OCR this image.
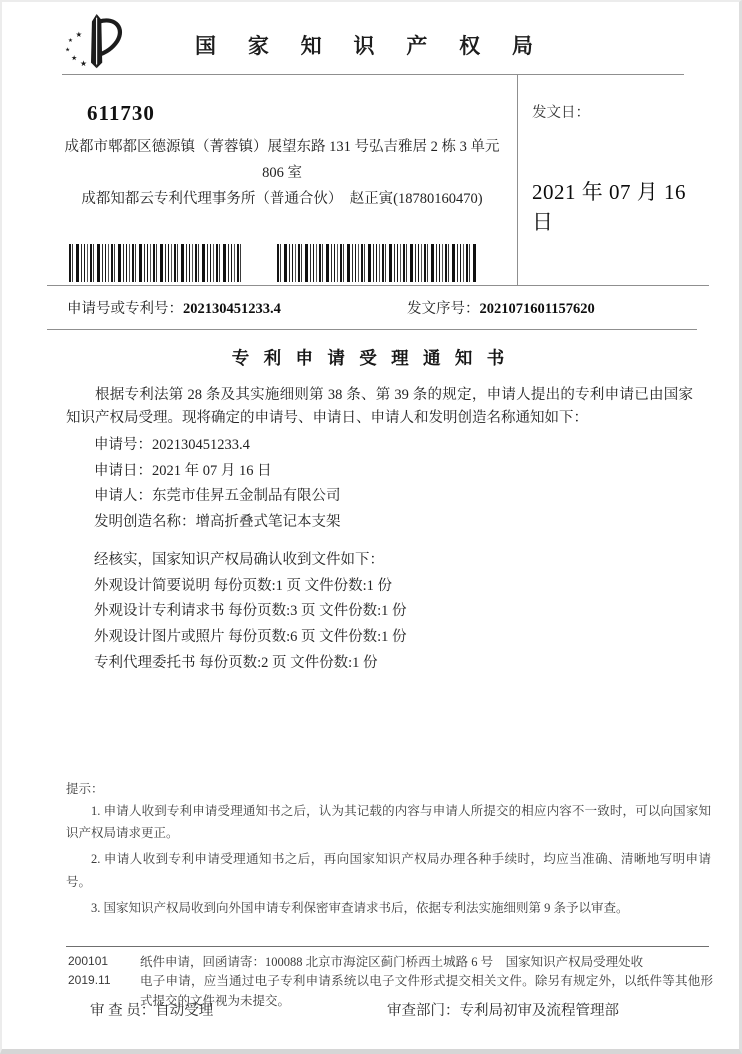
国 家 知 识 产 权 局
611730
成都市郫都区德源镇（菁蓉镇）展望东路 131 号弘吉雅居 2 栋 3 单元
806 室
成都知都云专利代理事务所（普通合伙）　赵正寅(18780160470)
发文日：
2021 年 07 月 16 日
申请号或专利号：202130451233.4	发文序号：2021071601157620
专 利 申 请 受 理 通 知 书

根据专利法第 28 条及其实施细则第 38 条、第 39 条的规定，申请人提出的专利申请已由国家知识产权局受理。现将确定的申请号、申请日、申请人和发明创造名称通知如下：

申请号：202130451233.4
申请日：2021 年 07 月 16 日
申请人：东莞市佳昇五金制品有限公司
发明创造名称：增高折叠式笔记本支架
经核实，国家知识产权局确认收到文件如下：
外观设计简要说明 每份页数:1 页 文件份数:1 份
外观设计专利请求书 每份页数:3 页 文件份数:1 份
外观设计图片或照片 每份页数:6 页 文件份数:1 份
专利代理委托书 每份页数:2 页 文件份数:1 份
提示：
1. 申请人收到专利申请受理通知书之后，认为其记载的内容与申请人所提交的相应内容不一致时，可以向国家知识产权局请求更正。
2. 申请人收到专利申请受理通知书之后，再向国家知识产权局办理各种手续时，均应当准确、清晰地写明申请号。
3. 国家知识产权局收到向外国申请专利保密审查请求书后，依据专利法实施细则第 9 条予以审查。
审 查 员：自动受理	审查部门：专利局初审及流程管理部
200101	纸件申请，回函请寄：100088 北京市海淀区蓟门桥西土城路 6 号　国家知识产权局受理处收
2019.11	电子申请，应当通过电子专利申请系统以电子文件形式提交相关文件。除另有规定外，以纸件等其他形式提交的文件视为未提交。
